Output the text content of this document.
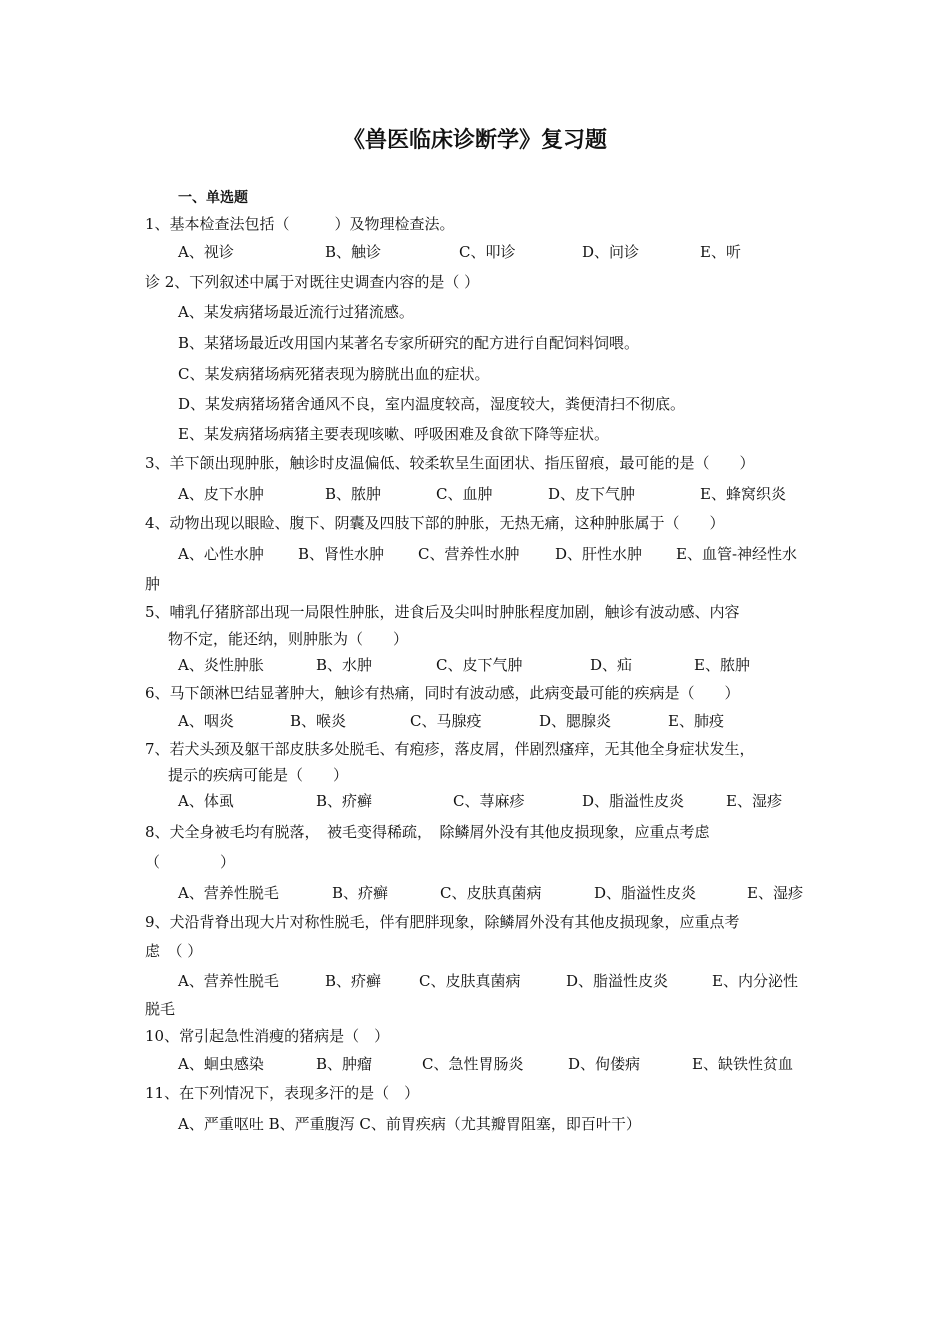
《兽医临床诊断学》复习题
一、单选题
1、基本检查法包括（　　　）及物理检查法。
A、视诊	B、触诊	C、叩诊	D、问诊	E、听
诊 2、下列叙述中属于对既往史调查内容的是（ ）
A、某发病猪场最近流行过猪流感。
B、某猪场最近改用国内某著名专家所研究的配方进行自配饲料饲喂。
C、某发病猪场病死猪表现为膀胱出血的症状。
D、某发病猪场猪舍通风不良，室内温度较高，湿度较大，粪便清扫不彻底。
E、某发病猪场病猪主要表现咳嗽、呼吸困难及食欲下降等症状。
3、羊下颌出现肿胀，触诊时皮温偏低、较柔软呈生面团状、指压留痕，最可能的是（　　）
A、皮下水肿	B、脓肿	C、血肿	D、皮下气肿	E、蜂窝织炎
4、动物出现以眼睑、腹下、阴囊及四肢下部的肿胀，无热无痛，这种肿胀属于（　　）
A、心性水肿 B、肾性水肿 C、营养性水肿 D、肝性水肿 E、血管-神经性水
肿
5、哺乳仔猪脐部出现一局限性肿胀，进食后及尖叫时肿胀程度加剧，触诊有波动感、内容
物不定，能还纳，则肿胀为（　　）
A、炎性肿胀	B、水肿	C、皮下气肿	D、疝	E、脓肿
6、马下颌淋巴结显著肿大，触诊有热痛，同时有波动感，此病变最可能的疾病是（　　）
A、咽炎	B、喉炎	C、马腺疫	D、腮腺炎	E、肺疫
7、若犬头颈及躯干部皮肤多处脱毛、有疱疹，落皮屑，伴剧烈瘙痒，无其他全身症状发生，
提示的疾病可能是（　　）
A、体虱	B、疥癣	C、荨麻疹	D、脂溢性皮炎	E、湿疹
8、犬全身被毛均有脱落，　被毛变得稀疏，　除鳞屑外没有其他皮损现象，应重点考虑
（　　　　）
A、营养性脱毛	B、疥癣	C、皮肤真菌病	D、脂溢性皮炎	E、湿疹
9、犬沿背脊出现大片对称性脱毛，伴有肥胖现象，除鳞屑外没有其他皮损现象，应重点考
虑　（ ）
A、营养性脱毛	B、疥癣	C、皮肤真菌病	D、脂溢性皮炎	E、内分泌性
脱毛
10、常引起急性消瘦的猪病是（　）
A、蛔虫感染	B、肿瘤	C、急性胃肠炎	D、佝偻病	E、缺铁性贫血
11、在下列情况下，表现多汗的是（　）
A、严重呕吐 B、严重腹泻 C、前胃疾病（尤其瓣胃阻塞，即百叶干）
